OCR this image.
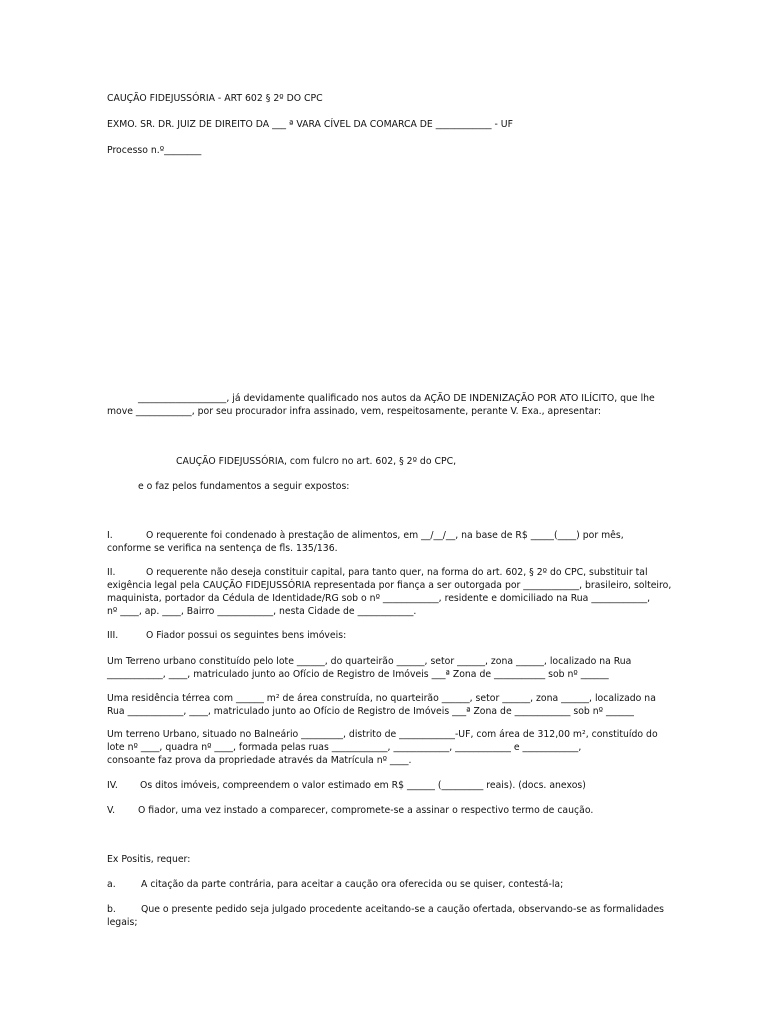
CAUÇÃO FIDEJUSSÓRIA - ART 602 § 2º DO CPC
EXMO. SR. DR. JUIZ DE DIREITO DA ___ ª VARA CÍVEL DA COMARCA DE ____________ - UF
Processo n.º________
___________________, já devidamente qualificado nos autos da AÇÃO DE INDENIZAÇÃO POR ATO ILÍCITO, que lhe
move ____________, por seu procurador infra assinado, vem, respeitosamente, perante V. Exa., apresentar:
CAUÇÃO FIDEJUSSÓRIA, com fulcro no art. 602, § 2º do CPC,
e o faz pelos fundamentos a seguir expostos:
I.	O requerente foi condenado à prestação de alimentos, em __/__/__, na base de R$ _____(____) por mês,
conforme se verifica na sentença de fls. 135/136.
II.	O requerente não deseja constituir capital, para tanto quer, na forma do art. 602, § 2º do CPC, substituir tal
exigência legal pela CAUÇÃO FIDEJUSSÓRIA representada por fiança a ser outorgada por ____________, brasileiro, solteiro,
maquinista, portador da Cédula de Identidade/RG sob o nº ____________, residente e domiciliado na Rua ____________,
nº ____, ap. ____, Bairro ____________, nesta Cidade de ____________.
III.	O Fiador possui os seguintes bens imóveis:
Um Terreno urbano constituído pelo lote ______, do quarteirão ______, setor ______, zona ______, localizado na Rua
____________, ____, matriculado junto ao Ofício de Registro de Imóveis ___ª Zona de ___________ sob nº ______
Uma residência térrea com ______ m² de área construída, no quarteirão ______, setor ______, zona ______, localizado na
Rua ____________, ____, matriculado junto ao Ofício de Registro de Imóveis ___ª Zona de ____________ sob nº ______
Um terreno Urbano, situado no Balneário _________, distrito de ____________-UF, com área de 312,00 m², constituído do
lote nº ____, quadra nº ____, formada pelas ruas ____________, ____________, ____________ e ____________,
consoante faz prova da propriedade através da Matrícula nº ____.
IV. Os ditos imóveis, compreendem o valor estimado em R$ ______ (_________ reais). (docs. anexos)
V. O fiador, uma vez instado a comparecer, compromete-se a assinar o respectivo termo de caução.
Ex Positis, requer:
a.	A citação da parte contrária, para aceitar a caução ora oferecida ou se quiser, contestá-la;
b.	Que o presente pedido seja julgado procedente aceitando-se a caução ofertada, observando-se as formalidades
legais;
